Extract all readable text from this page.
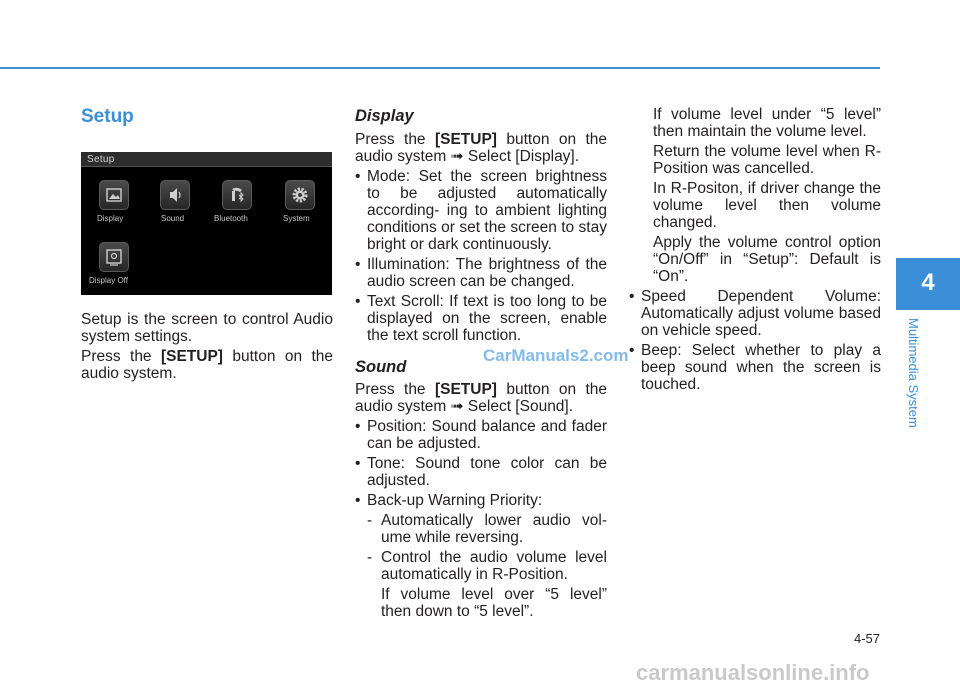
Setup
Setup
Display	Sound	Bluetooth	System
Display Off

Setup is the screen to control Audio system settings.

Press the [SETUP] button on the audio system.

Display

Press the [SETUP] button on the audio system ➟ Select [Display].

• Mode: Set the screen brightness to be adjusted automatically according- ing to ambient lighting conditions or set the screen to stay bright or dark continuously.
• Illumination: The brightness of the audio screen can be changed.
• Text Scroll: If text is too long to be displayed on the screen, enable the text scroll function.
Sound

Press the [SETUP] button on the audio system ➟ Select [Sound].

• Position: Sound balance and fader can be adjusted.
• Tone: Sound tone color can be adjusted.
• Back-up Warning Priority:
- Automatically lower audio vol- ume while reversing.
- Control the audio volume level automatically in R-Position.
If volume level over “5 level” then down to “5 level”.
If volume level under “5 level” then maintain the volume level.
Return the volume level when R-Position was cancelled.
In R-Positon, if driver change the volume level then volume changed.
Apply the volume control option “On/Off” in “Setup”: Default is “On”.
• Speed Dependent Volume: Automatically adjust volume based on vehicle speed.
• Beep: Select whether to play a beep sound when the screen is touched.
4
Multimedia System
4-57
CarManuals2.com
carmanualsonline.info
